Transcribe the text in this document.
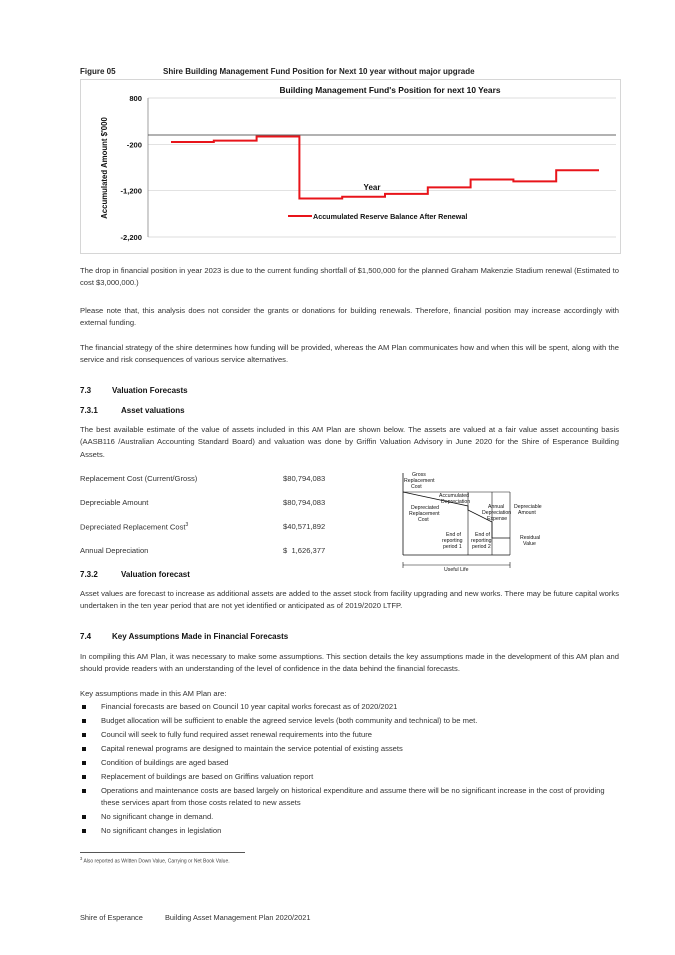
Figure 05	Shire Building Management Fund Position for Next 10 year without major upgrade
Building Management Fund's Position for next 10 Years
800
-200
-1,200
-2,200
Year
Accumulated Reserve Balance After Renewal
Accumulated Amount $'000
The drop in financial position in year 2023 is due to the current funding shortfall of $1,500,000 for the planned Graham Makenzie Stadium renewal (Estimated to cost $3,000,000.)
Please note that, this analysis does not consider the grants or donations for building renewals. Therefore, financial position may increase accordingly with external funding.
The financial strategy of the shire determines how funding will be provided, whereas the AM Plan communicates how and when this will be spent, along with the service and risk consequences of various service alternatives.
7.3	Valuation Forecasts
7.3.1	Asset valuations
The best available estimate of the value of assets included in this AM Plan are shown below. The assets are valued at a fair value asset accounting basis (AASB116 /Australian Accounting Standard Board) and valuation was done by Griffin Valuation Advisory in June 2020 for the Shire of Esperance Building Assets.
Replacement Cost (Current/Gross)	$80,794,083
Depreciable Amount	$80,794,083
Depreciated Replacement Cost$^3$	$40,571,892
Annual Depreciation	$  1,626,377
Gross
Replacement
Cost
Accumulated
Depreciation
Depreciated
Replacement
Cost
Annual
Depreciation
Expense
Depreciable
Amount
End of
reporting
period 1
End of
reporting
period 2
Residual
Value
Useful Life
7.3.2	Valuation forecast
Asset values are forecast to increase as additional assets are added to the asset stock from facility upgrading and new works. There may be future capital works undertaken in the ten year period that are not yet identified or anticipated as of 2019/2020 LTFP.
7.4	Key Assumptions Made in Financial Forecasts
In compiling this AM Plan, it was necessary to make some assumptions. This section details the key assumptions made in the development of this AM plan and should provide readers with an understanding of the level of confidence in the data behind the financial forecasts.
Key assumptions made in this AM Plan are:
Financial forecasts are based on Council 10 year capital works forecast as of 2020/2021
Budget allocation will be sufficient to enable the agreed service levels (both community and technical) to be met.
Council will seek to fully fund required asset renewal requirements into the future
Capital renewal programs are designed to maintain the service potential of existing assets
Condition of buildings are aged based
Replacement of buildings are based on Griffins valuation report
Operations and maintenance costs are based largely on historical expenditure and assume there will be no significant increase in the cost of providing these services apart from those costs related to new assets
No significant change in demand.
No significant changes in legislation
$^3$ Also reported as Written Down Value, Carrying or Net Book Value.
Shire of Esperance	Building Asset Management Plan 2020/2021
